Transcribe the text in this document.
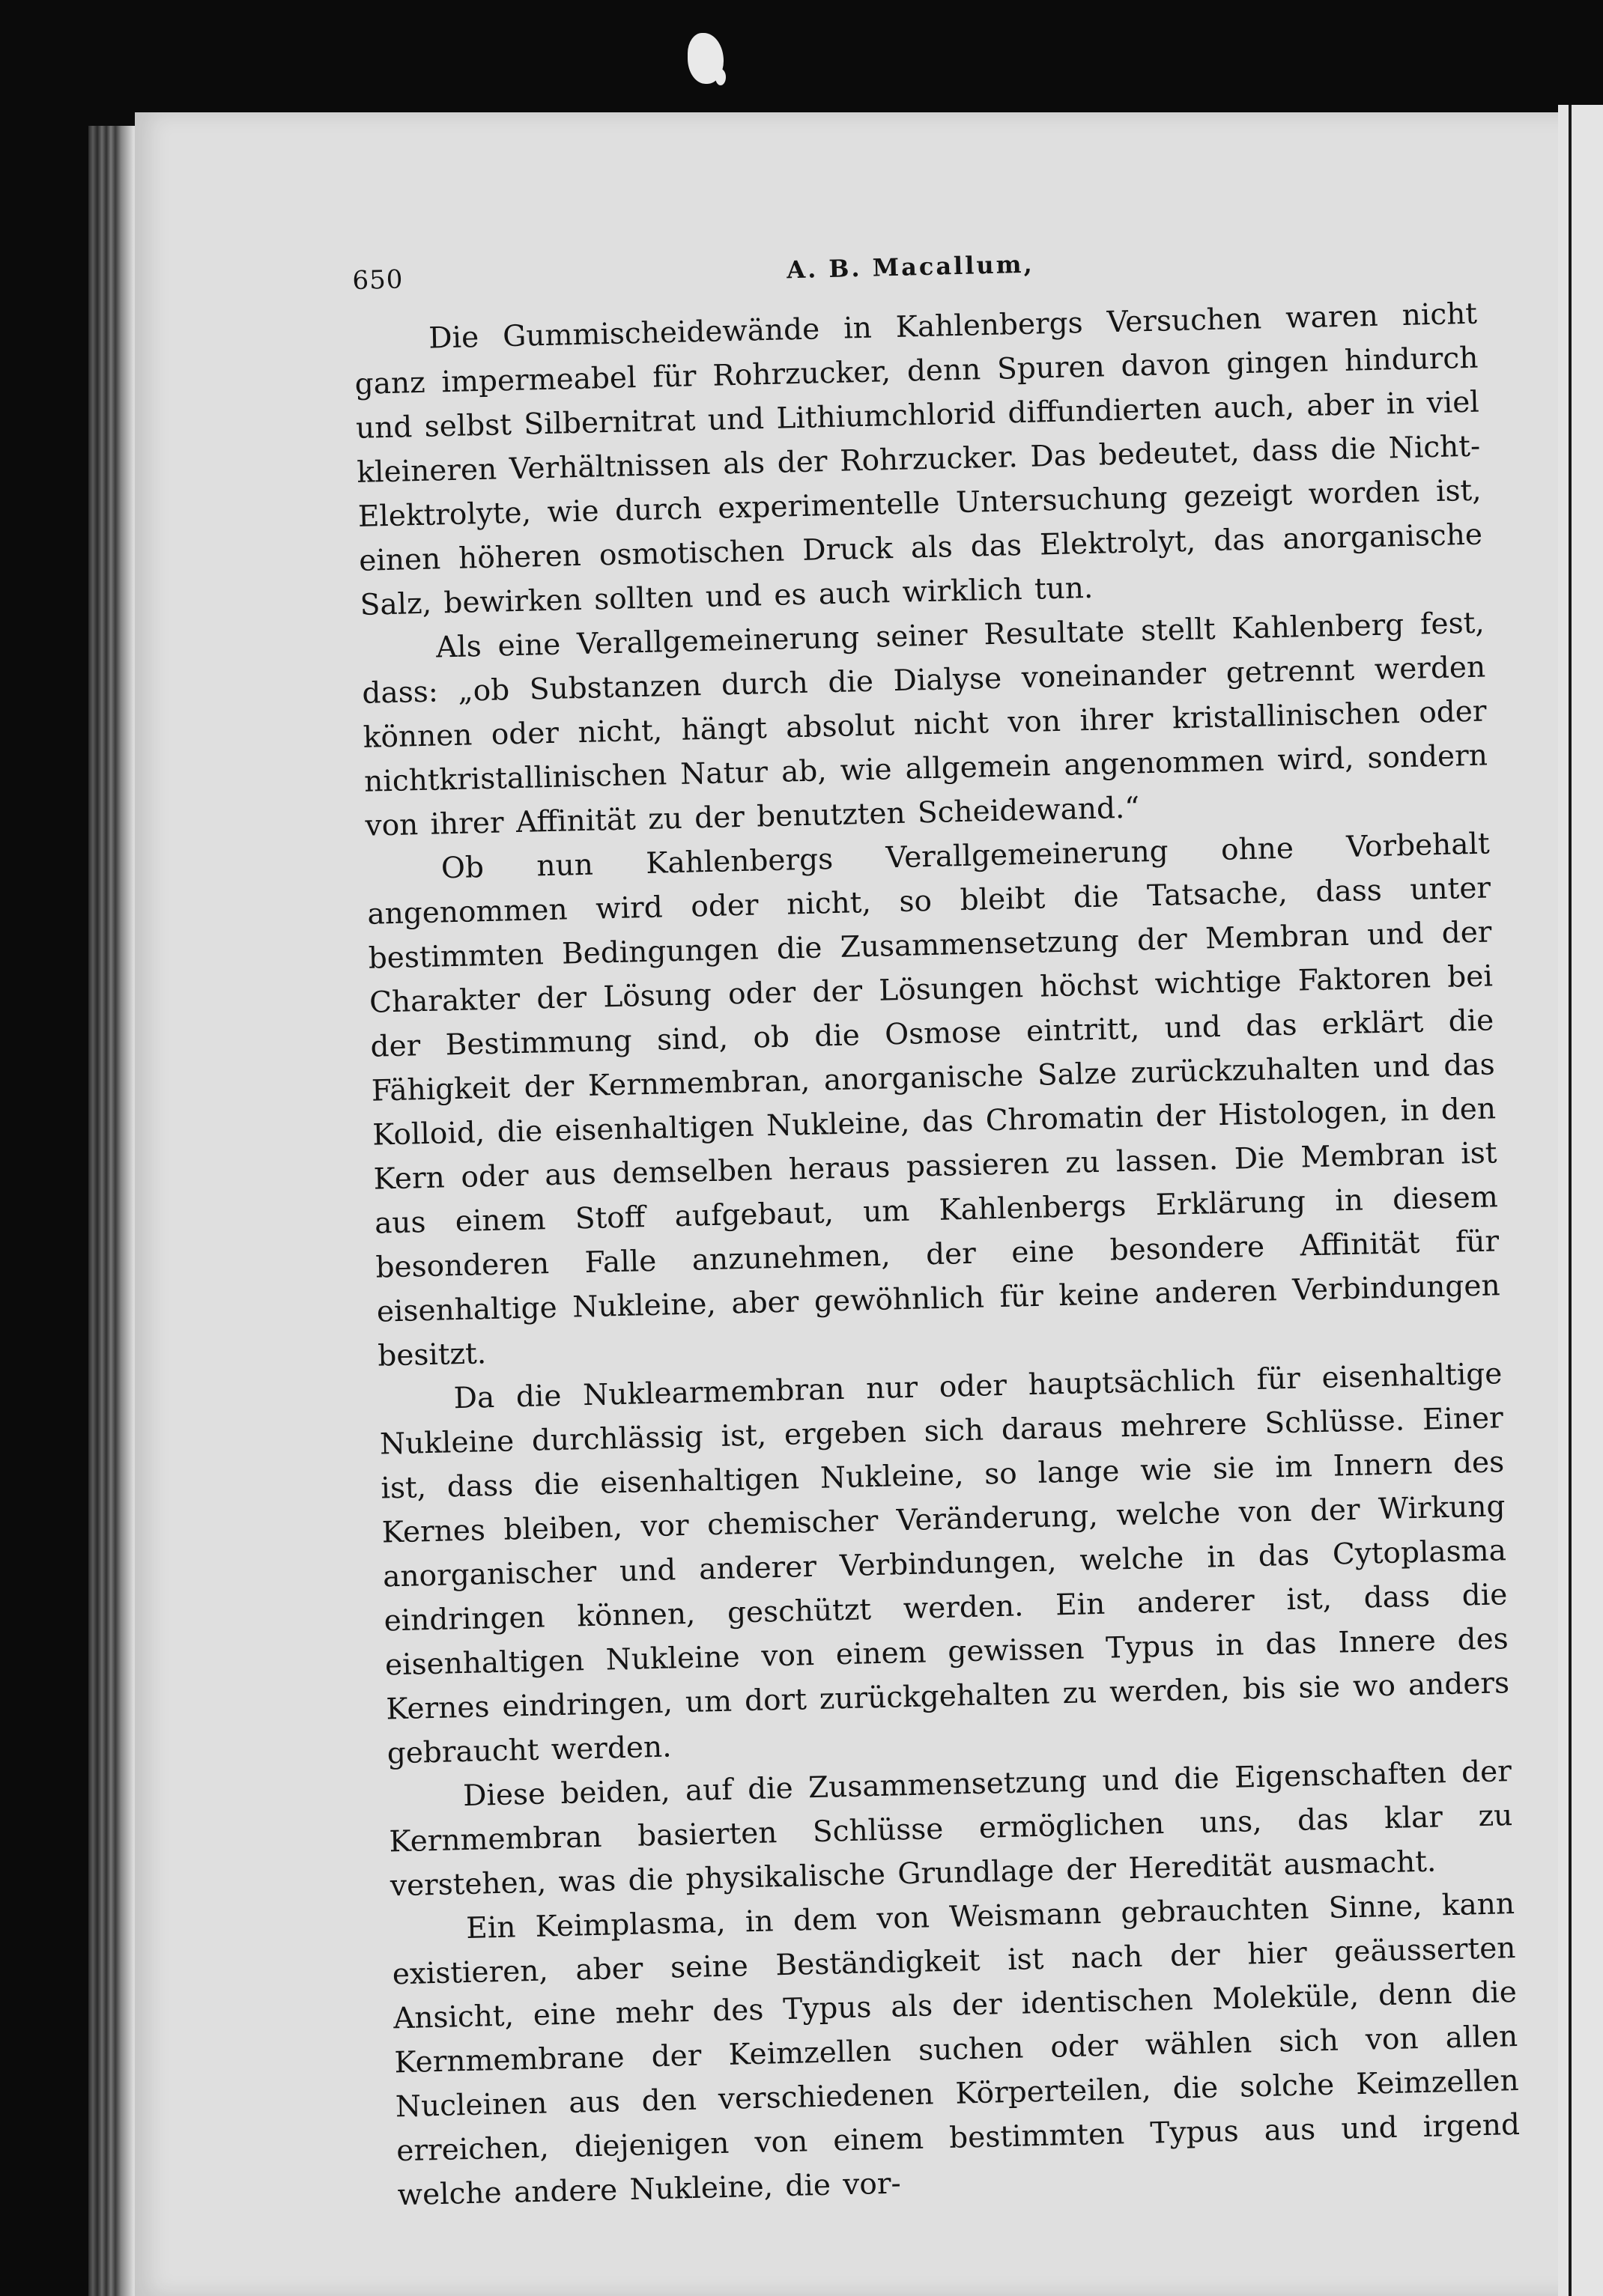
650	A. B. Macallum,

Die Gummischeidewände in Kahlenbergs Versuchen waren nicht ganz impermeabel für Rohrzucker, denn Spuren davon gingen hindurch und selbst Silbernitrat und Lithiumchlorid diffundierten auch, aber in viel kleineren Verhältnissen als der Rohrzucker. Das bedeutet, dass die Nicht-Elektrolyte, wie durch experimentelle Untersuchung gezeigt worden ist, einen höheren osmotischen Druck als das Elektrolyt, das anorganische Salz, bewirken sollten und es auch wirklich tun.

Als eine Verallgemeinerung seiner Resultate stellt Kahlenberg fest, dass: „ob Substanzen durch die Dialyse voneinander getrennt werden können oder nicht, hängt absolut nicht von ihrer kristallinischen oder nichtkristallinischen Natur ab, wie allgemein angenommen wird, sondern von ihrer Affinität zu der benutzten Scheidewand.“

Ob nun Kahlenbergs Verallgemeinerung ohne Vorbehalt angenommen wird oder nicht, so bleibt die Tatsache, dass unter bestimmten Bedingungen die Zusammensetzung der Membran und der Charakter der Lösung oder der Lösungen höchst wichtige Faktoren bei der Bestimmung sind, ob die Osmose eintritt, und das erklärt die Fähigkeit der Kernmembran, anorganische Salze zurückzuhalten und das Kolloid, die eisenhaltigen Nukleine, das Chromatin der Histologen, in den Kern oder aus demselben heraus passieren zu lassen. Die Membran ist aus einem Stoff aufgebaut, um Kahlenbergs Erklärung in diesem besonderen Falle anzunehmen, der eine besondere Affinität für eisenhaltige Nukleine, aber gewöhnlich für keine anderen Verbindungen besitzt.

Da die Nuklearmembran nur oder hauptsächlich für eisenhaltige Nukleine durchlässig ist, ergeben sich daraus mehrere Schlüsse. Einer ist, dass die eisenhaltigen Nukleine, so lange wie sie im Innern des Kernes bleiben, vor chemischer Veränderung, welche von der Wirkung anorganischer und anderer Verbindungen, welche in das Cytoplasma eindringen können, geschützt werden. Ein anderer ist, dass die eisenhaltigen Nukleine von einem gewissen Typus in das Innere des Kernes eindringen, um dort zurückgehalten zu werden, bis sie wo anders gebraucht werden.

Diese beiden, auf die Zusammensetzung und die Eigenschaften der Kernmembran basierten Schlüsse ermöglichen uns, das klar zu verstehen, was die physikalische Grundlage der Heredität ausmacht.

Ein Keimplasma, in dem von Weismann gebrauchten Sinne, kann existieren, aber seine Beständigkeit ist nach der hier geäusserten Ansicht, eine mehr des Typus als der identischen Moleküle, denn die Kernmembrane der Keimzellen suchen oder wählen sich von allen Nucleinen aus den verschiedenen Körperteilen, die solche Keimzellen erreichen, diejenigen von einem bestimmten Typus aus und irgend welche andere Nukleine, die vor-
